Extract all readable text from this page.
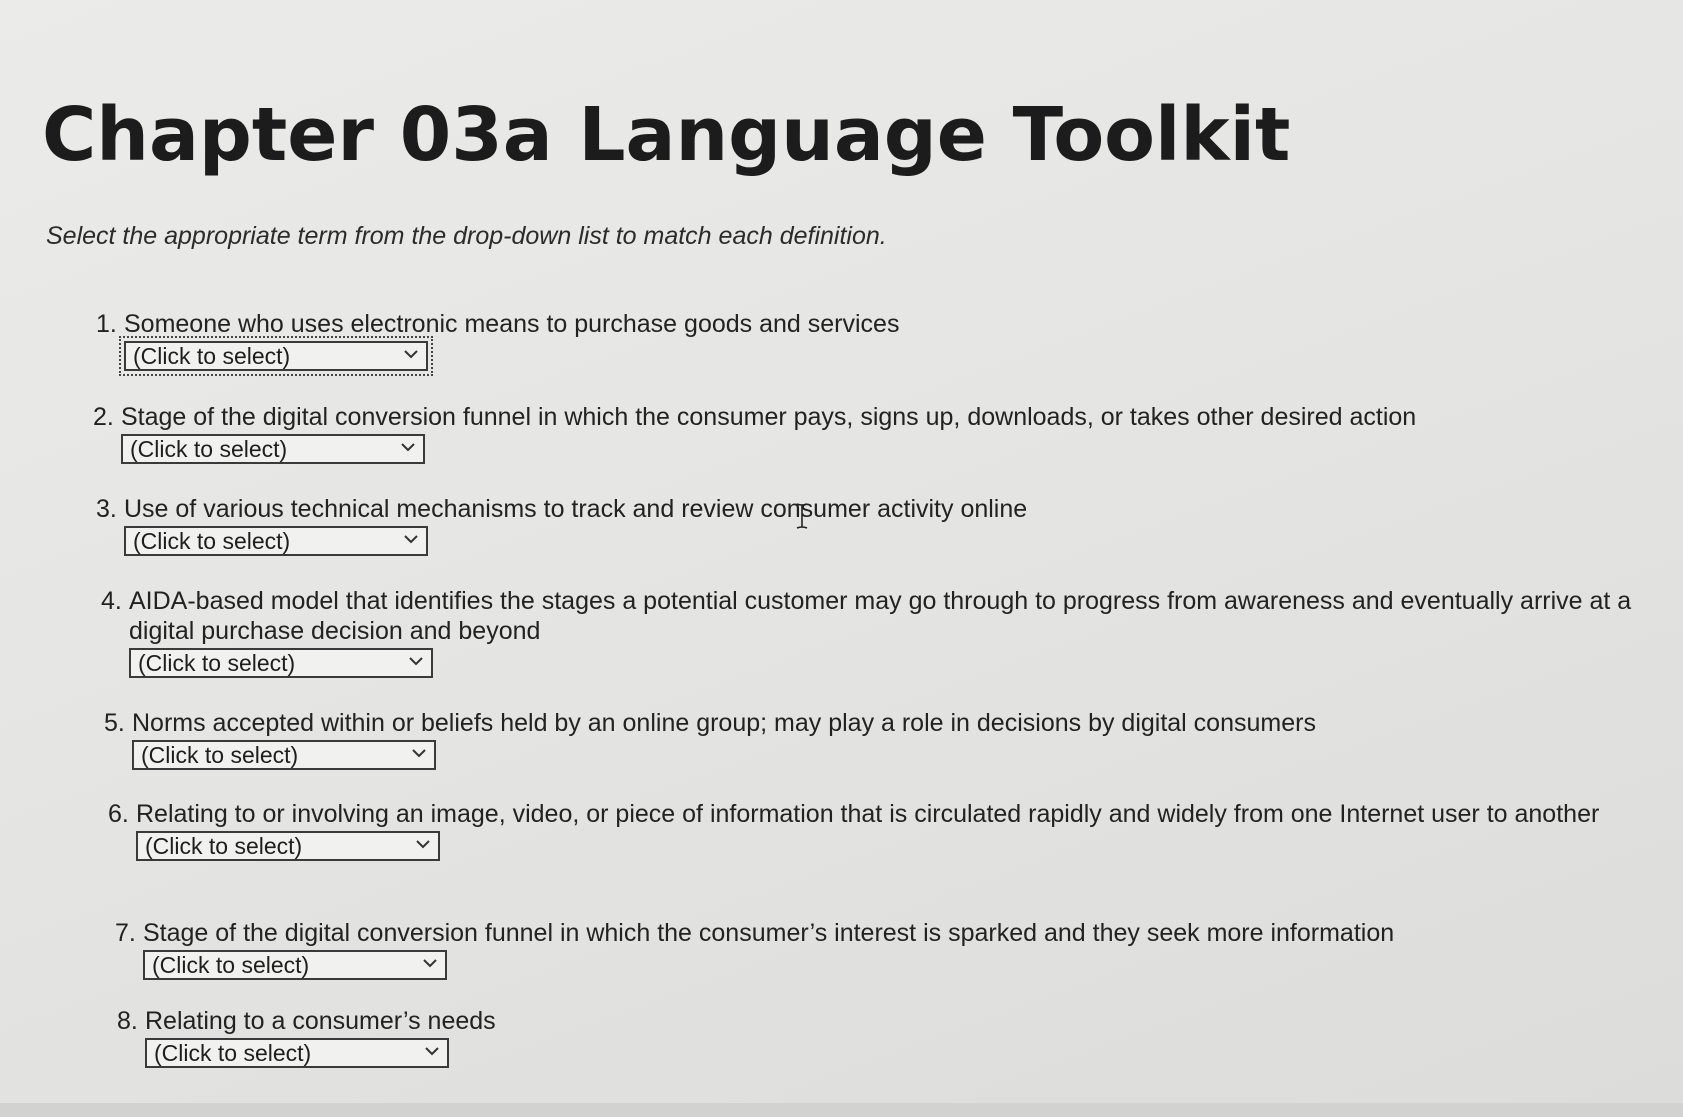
Chapter 03a Language Toolkit
Select the appropriate term from the drop-down list to match each definition.
1. Someone who uses electronic means to purchase goods and services
(Click to select)
2. Stage of the digital conversion funnel in which the consumer pays, signs up, downloads, or takes other desired action
(Click to select)
3. Use of various technical mechanisms to track and review consumer activity online
(Click to select)
4. AIDA-based model that identifies the stages a potential customer may go through to progress from awareness and eventually arrive at a digital purchase decision and beyond
(Click to select)
5. Norms accepted within or beliefs held by an online group; may play a role in decisions by digital consumers
(Click to select)
6. Relating to or involving an image, video, or piece of information that is circulated rapidly and widely from one Internet user to another
(Click to select)
7. Stage of the digital conversion funnel in which the consumer’s interest is sparked and they seek more information
(Click to select)
8. Relating to a consumer’s needs
(Click to select)
